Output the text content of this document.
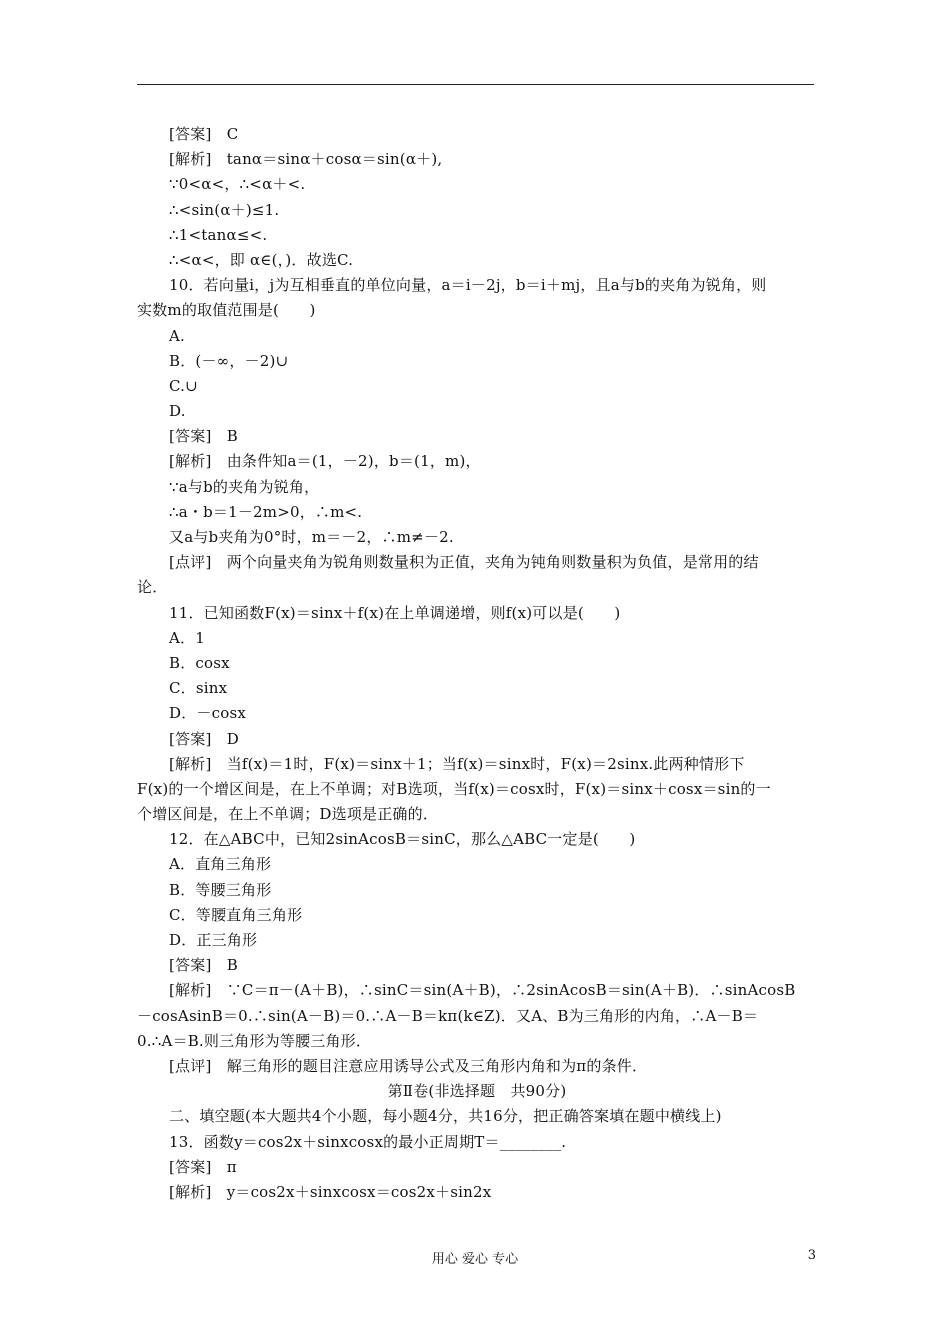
[答案]　C
[解析]　tanα＝sinα＋cosα＝sin(α＋),
∵0<α<，∴<α＋<.
∴<sin(α＋)≤1.
∴1<tanα≤<.
∴<α<，即 α∈(，)．故选C.
10．若向量i，j为互相垂直的单位向量，a＝i－2j，b＝i＋mj，且a与b的夹角为锐角，则
实数m的取值范围是(　　)
A.
B．(－∞，－2)∪
C.∪
D.
[答案]　B
[解析]　由条件知a＝(1，－2)，b＝(1，m)，
∵a与b的夹角为锐角，
∴a・b＝1－2m>0，∴m<.
又a与b夹角为0°时，m＝－2，∴m≠－2.
[点评]　两个向量夹角为锐角则数量积为正值，夹角为钝角则数量积为负值，是常用的结
论．
11．已知函数F(x)＝sinx＋f(x)在上单调递增，则f(x)可以是(　　)
A．1
B．cosx
C．sinx
D．－cosx
[答案]　D
[解析]　当f(x)＝1时，F(x)＝sinx＋1；当f(x)＝sinx时，F(x)＝2sinx.此两种情形下
F(x)的一个增区间是，在上不单调；对B选项，当f(x)＝cosx时，F(x)＝sinx＋cosx＝sin的一
个增区间是，在上不单调；D选项是正确的．
12．在△ABC中，已知2sinAcosB＝sinC，那么△ABC一定是(　　)
A．直角三角形
B．等腰三角形
C．等腰直角三角形
D．正三角形
[答案]　B
[解析]　∵C＝π－(A＋B)，∴sinC＝sin(A＋B)，∴2sinAcosB＝sin(A＋B)．∴sinAcosB
－cosAsinB＝0.∴sin(A－B)＝0.∴A－B＝kπ(k∈Z)．又A、B为三角形的内角，∴A－B＝
0.∴A＝B.则三角形为等腰三角形．
[点评]　解三角形的题目注意应用诱导公式及三角形内角和为π的条件．
第Ⅱ卷(非选择题　共90分)
二、填空题(本大题共4个小题，每小题4分，共16分，把正确答案填在题中横线上)
13．函数y＝cos2x＋sinxcosx的最小正周期T＝________.
[答案]　π
[解析]　y＝cos2x＋sinxcosx＝cos2x＋sin2x
用心 爱心 专心	3
